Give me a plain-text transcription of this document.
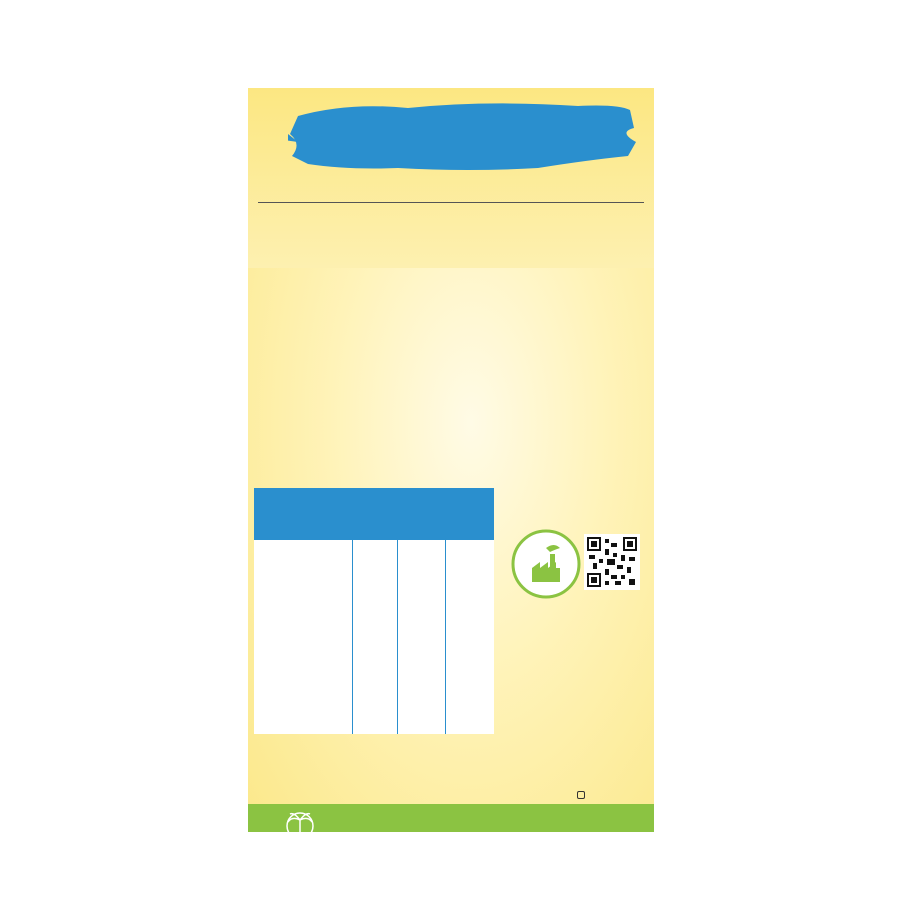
ΧΩΡΙΣ
ΦΟΙΝΙΚΕΛΑΙΟ
